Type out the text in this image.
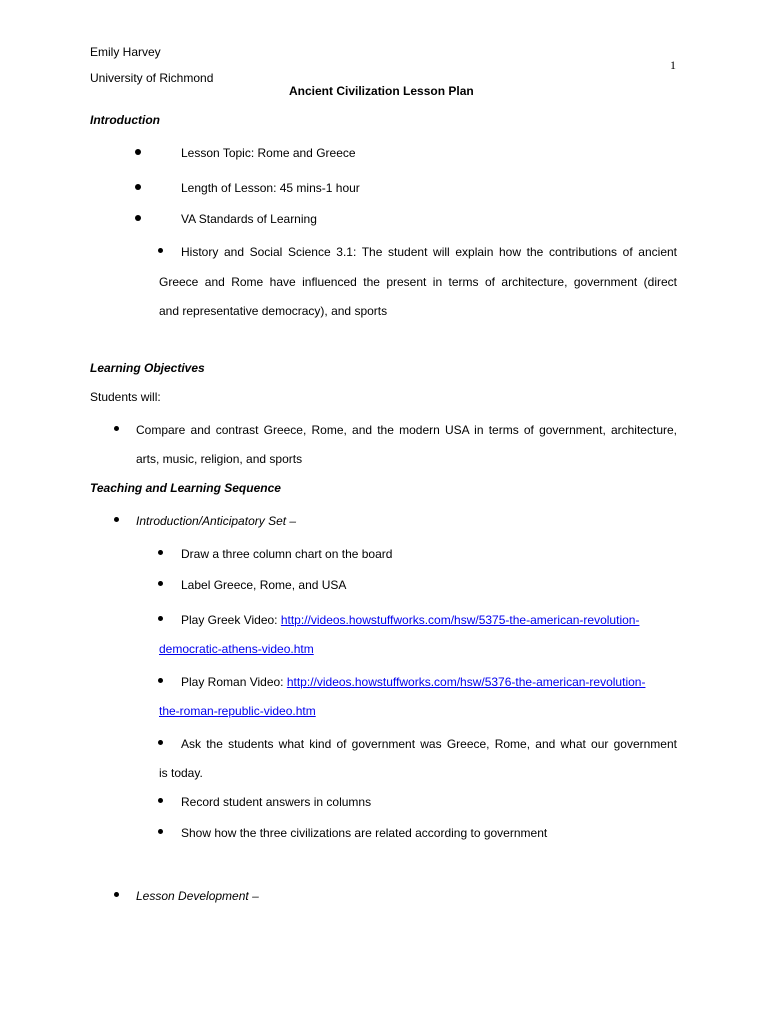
Emily Harvey
University of Richmond
1
Ancient Civilization Lesson Plan
Introduction
Lesson Topic: Rome and Greece
Length of Lesson: 45 mins-1 hour
VA Standards of Learning
History and Social Science 3.1: The student will explain how the contributions of ancient
Greece and Rome have influenced the present in terms of architecture, government (direct
and representative democracy), and sports
Learning Objectives
Students will:
Compare and contrast Greece, Rome, and the modern USA in terms of government, architecture,
arts, music, religion, and sports
Teaching and Learning Sequence
Introduction/Anticipatory Set –
Draw a three column chart on the board
Label Greece, Rome, and USA
Play Greek Video: http://videos.howstuffworks.com/hsw/5375-the-american-revolution-
democratic-athens-video.htm
Play Roman Video: http://videos.howstuffworks.com/hsw/5376-the-american-revolution-
the-roman-republic-video.htm
Ask the students what kind of government was Greece, Rome, and what our government
is today.
Record student answers in columns
Show how the three civilizations are related according to government
Lesson Development –
